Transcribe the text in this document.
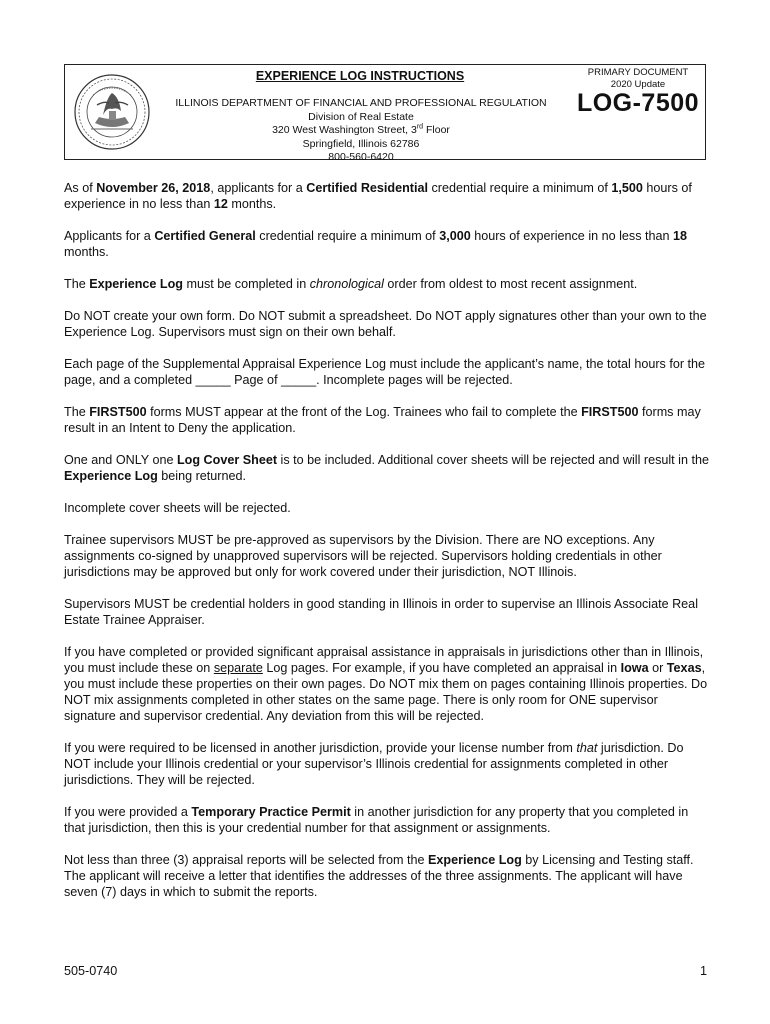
EXPERIENCE LOG INSTRUCTIONS	PRIMARY DOCUMENT
2020 Update
LOG-7500
ILLINOIS DEPARTMENT OF FINANCIAL AND PROFESSIONAL REGULATION
Division of Real Estate
320 West Washington Street, 3rd Floor
Springfield, Illinois 62786
800-560-6420

As of November 26, 2018, applicants for a Certified Residential credential require a minimum of 1,500 hours of experience in no less than 12 months.

Applicants for a Certified General credential require a minimum of 3,000 hours of experience in no less than 18 months.

The Experience Log must be completed in chronological order from oldest to most recent assignment.

Do NOT create your own form. Do NOT submit a spreadsheet. Do NOT apply signatures other than your own to the Experience Log. Supervisors must sign on their own behalf.

Each page of the Supplemental Appraisal Experience Log must include the applicant’s name, the total hours for the page, and a completed _____ Page of _____. Incomplete pages will be rejected.

The FIRST500 forms MUST appear at the front of the Log. Trainees who fail to complete the FIRST500 forms may result in an Intent to Deny the application.

One and ONLY one Log Cover Sheet is to be included. Additional cover sheets will be rejected and will result in the Experience Log being returned.

Incomplete cover sheets will be rejected.

Trainee supervisors MUST be pre-approved as supervisors by the Division. There are NO exceptions. Any assignments co-signed by unapproved supervisors will be rejected. Supervisors holding credentials in other jurisdictions may be approved but only for work covered under their jurisdiction, NOT Illinois.

Supervisors MUST be credential holders in good standing in Illinois in order to supervise an Illinois Associate Real Estate Trainee Appraiser.

If you have completed or provided significant appraisal assistance in appraisals in jurisdictions other than in Illinois, you must include these on separate Log pages. For example, if you have completed an appraisal in Iowa or Texas, you must include these properties on their own pages. Do NOT mix them on pages containing Illinois properties. Do NOT mix assignments completed in other states on the same page. There is only room for ONE supervisor signature and supervisor credential. Any deviation from this will be rejected.

If you were required to be licensed in another jurisdiction, provide your license number from that jurisdiction. Do NOT include your Illinois credential or your supervisor’s Illinois credential for assignments completed in other jurisdictions. They will be rejected.

If you were provided a Temporary Practice Permit in another jurisdiction for any property that you completed in that jurisdiction, then this is your credential number for that assignment or assignments.

Not less than three (3) appraisal reports will be selected from the Experience Log by Licensing and Testing staff. The applicant will receive a letter that identifies the addresses of the three assignments. The applicant will have seven (7) days in which to submit the reports.

505-0740	1
